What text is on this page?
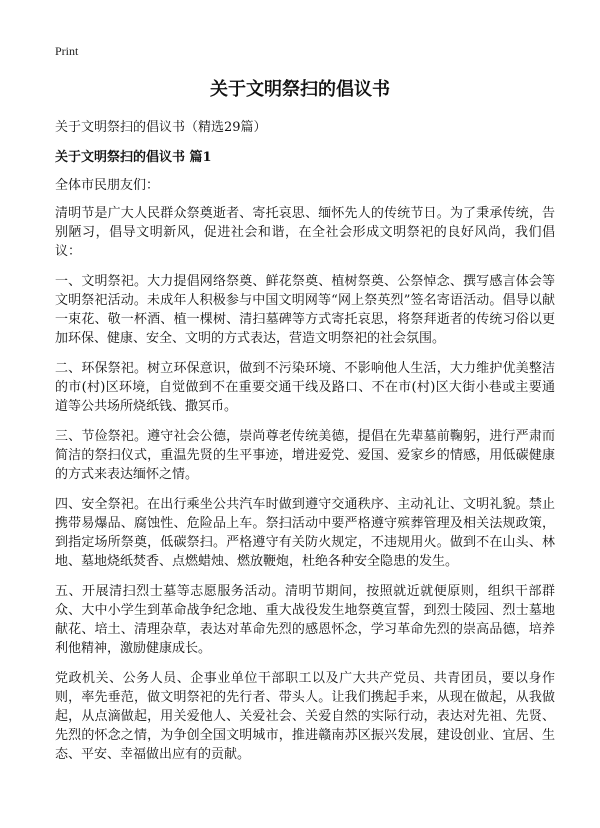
Print
关于文明祭扫的倡议书

关于文明祭扫的倡议书（精选29篇）

关于文明祭扫的倡议书 篇1

全体市民朋友们：

清明节是广大人民群众祭奠逝者、寄托哀思、缅怀先人的传统节日。为了秉承传统，告别陋习，倡导文明新风，促进社会和谐，在全社会形成文明祭祀的良好风尚，我们倡议：

一、文明祭祀。大力提倡网络祭奠、鲜花祭奠、植树祭奠、公祭悼念、撰写感言体会等文明祭祀活动。未成年人积极参与中国文明网等“网上祭英烈”签名寄语活动。倡导以献一束花、敬一杯酒、植一棵树、清扫墓碑等方式寄托哀思，将祭拜逝者的传统习俗以更加环保、健康、安全、文明的方式表达，营造文明祭祀的社会氛围。

二、环保祭祀。树立环保意识，做到不污染环境、不影响他人生活，大力维护优美整洁的市(村)区环境，自觉做到不在重要交通干线及路口、不在市(村)区大街小巷或主要通道等公共场所烧纸钱、撒冥币。

三、节俭祭祀。遵守社会公德，崇尚尊老传统美德，提倡在先辈墓前鞠躬，进行严肃而简洁的祭扫仪式，重温先贤的生平事迹，增进爱党、爱国、爱家乡的情感，用低碳健康的方式来表达缅怀之情。

四、安全祭祀。在出行乘坐公共汽车时做到遵守交通秩序、主动礼让、文明礼貌。禁止携带易爆品、腐蚀性、危险品上车。祭扫活动中要严格遵守殡葬管理及相关法规政策，到指定场所祭奠，低碳祭扫。严格遵守有关防火规定，不违规用火。做到不在山头、林地、墓地烧纸焚香、点燃蜡烛、燃放鞭炮，杜绝各种安全隐患的发生。

五、开展清扫烈士墓等志愿服务活动。清明节期间，按照就近就便原则，组织干部群众、大中小学生到革命战争纪念地、重大战役发生地祭奠宣誓，到烈士陵园、烈士墓地献花、培土、清理杂草，表达对革命先烈的感恩怀念，学习革命先烈的崇高品德，培养利他精神，激励健康成长。

党政机关、公务人员、企事业单位干部职工以及广大共产党员、共青团员，要以身作则，率先垂范，做文明祭祀的先行者、带头人。让我们携起手来，从现在做起，从我做起，从点滴做起，用关爱他人、关爱社会、关爱自然的实际行动，表达对先祖、先贤、先烈的怀念之情，为争创全国文明城市，推进赣南苏区振兴发展，建设创业、宜居、生态、平安、幸福做出应有的贡献。
